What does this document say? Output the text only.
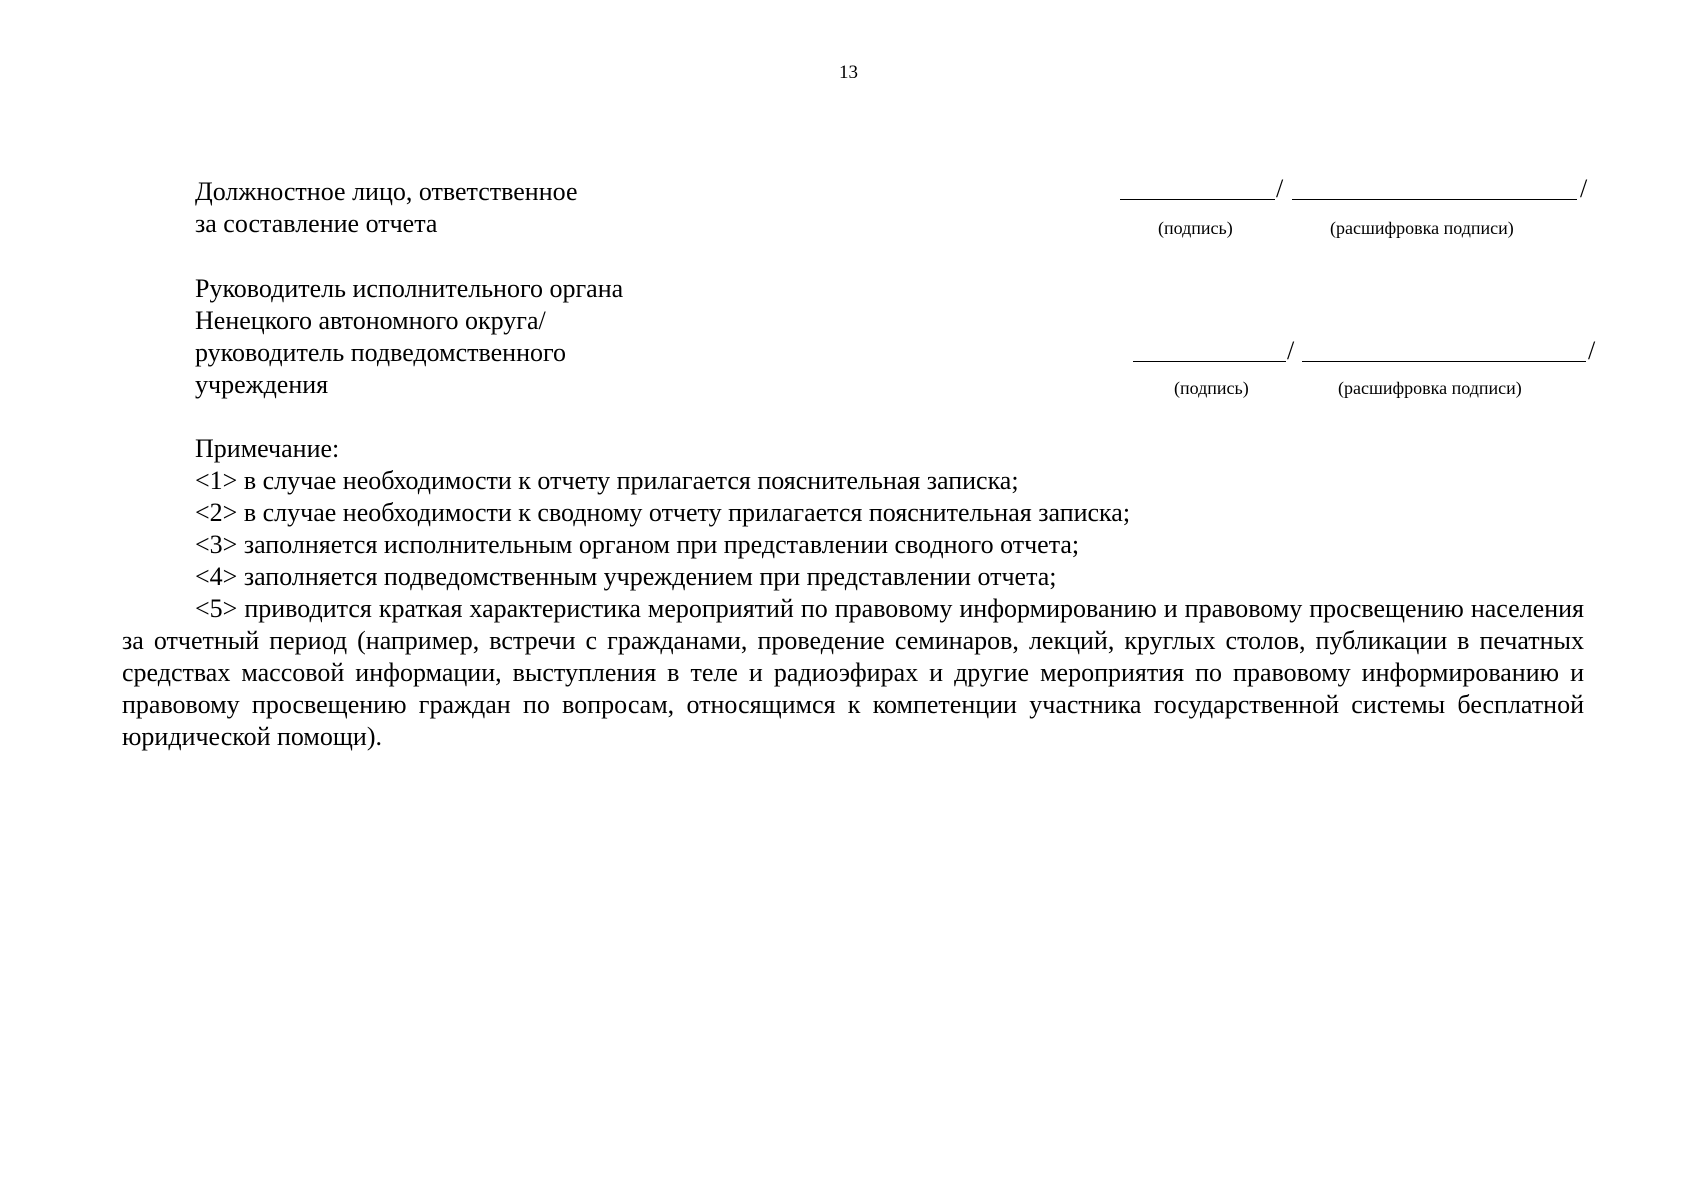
13
Должностное лицо, ответственное
за составление отчета
/	/
(подпись)	(расшифровка подписи)
Руководитель исполнительного органа
Ненецкого автономного округа/
руководитель подведомственного
учреждения
/	/
(подпись)	(расшифровка подписи)
Примечание:
<1> в случае необходимости к отчету прилагается пояснительная записка;
<2> в случае необходимости к сводному отчету прилагается пояснительная записка;
<3> заполняется исполнительным органом при представлении сводного отчета;
<4> заполняется подведомственным учреждением при представлении отчета;
<5> приводится краткая характеристика мероприятий по правовому информированию и правовому просвещению населения за отчетный период (например, встречи с гражданами, проведение семинаров, лекций, круглых столов, публикации в печатных средствах массовой информации, выступления в теле и радиоэфирах и другие мероприятия по правовому информированию и правовому просвещению граждан по вопросам, относящимся к компетенции участника государственной системы бесплатной юридической помощи).
